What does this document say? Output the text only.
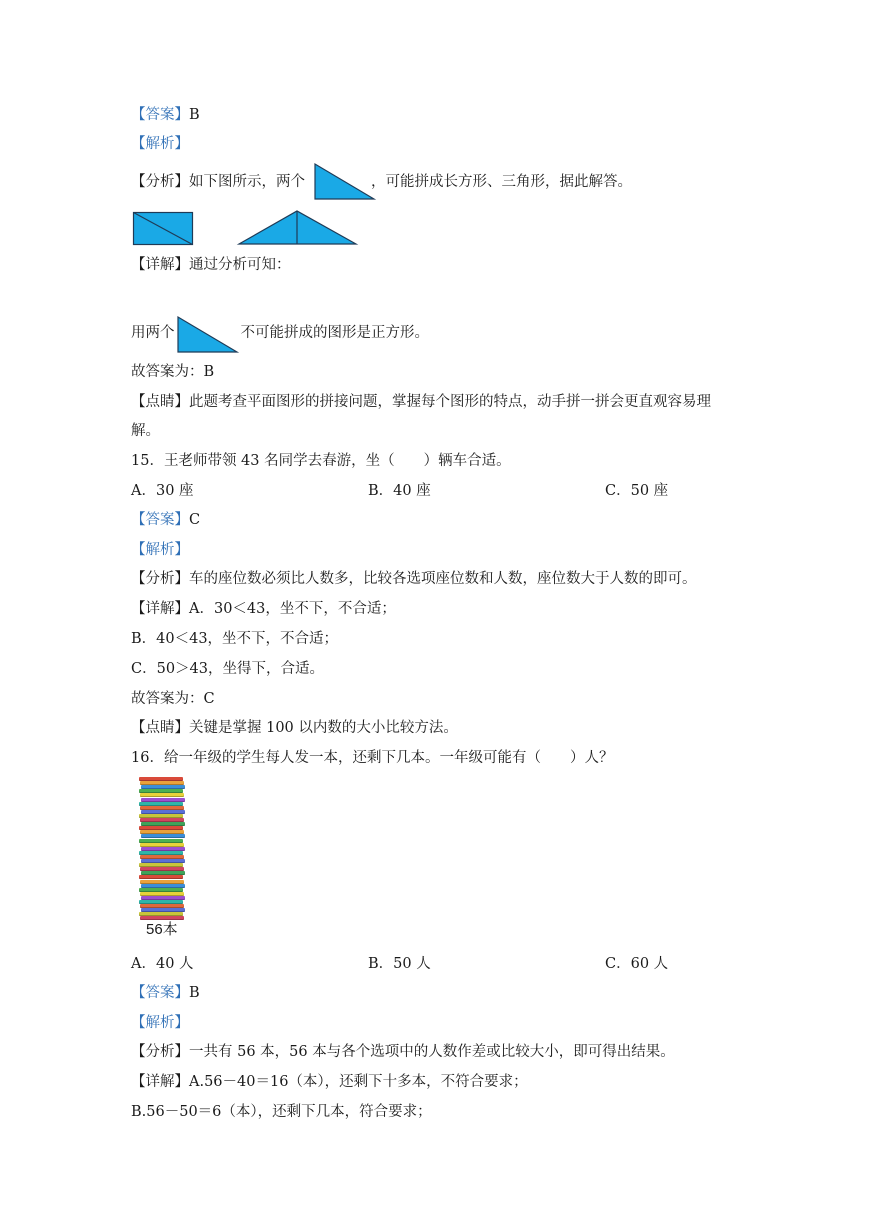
【答案】B
【解析】
【分析】如下图所示，两个	，可能拼成长方形、三角形，据此解答。
【详解】通过分析可知：
用两个	不可能拼成的图形是正方形。
故答案为：B
【点睛】此题考查平面图形的拼接问题，掌握每个图形的特点，动手拼一拼会更直观容易理
解。
15．王老师带领 43 名同学去春游，坐（　　）辆车合适。
A．30 座	B．40 座	C．50 座
【答案】C
【解析】
【分析】车的座位数必须比人数多，比较各选项座位数和人数，座位数大于人数的即可。
【详解】A．30＜43，坐不下，不合适；
B．40＜43，坐不下，不合适；
C．50＞43，坐得下，合适。
故答案为：C
【点睛】关键是掌握 100 以内数的大小比较方法。
16．给一年级的学生每人发一本，还剩下几本。一年级可能有（　　）人？
56本
A．40 人	B．50 人	C．60 人
【答案】B
【解析】
【分析】一共有 56 本，56 本与各个选项中的人数作差或比较大小，即可得出结果。
【详解】A.56－40＝16（本），还剩下十多本，不符合要求；
B.56－50＝6（本），还剩下几本，符合要求；
